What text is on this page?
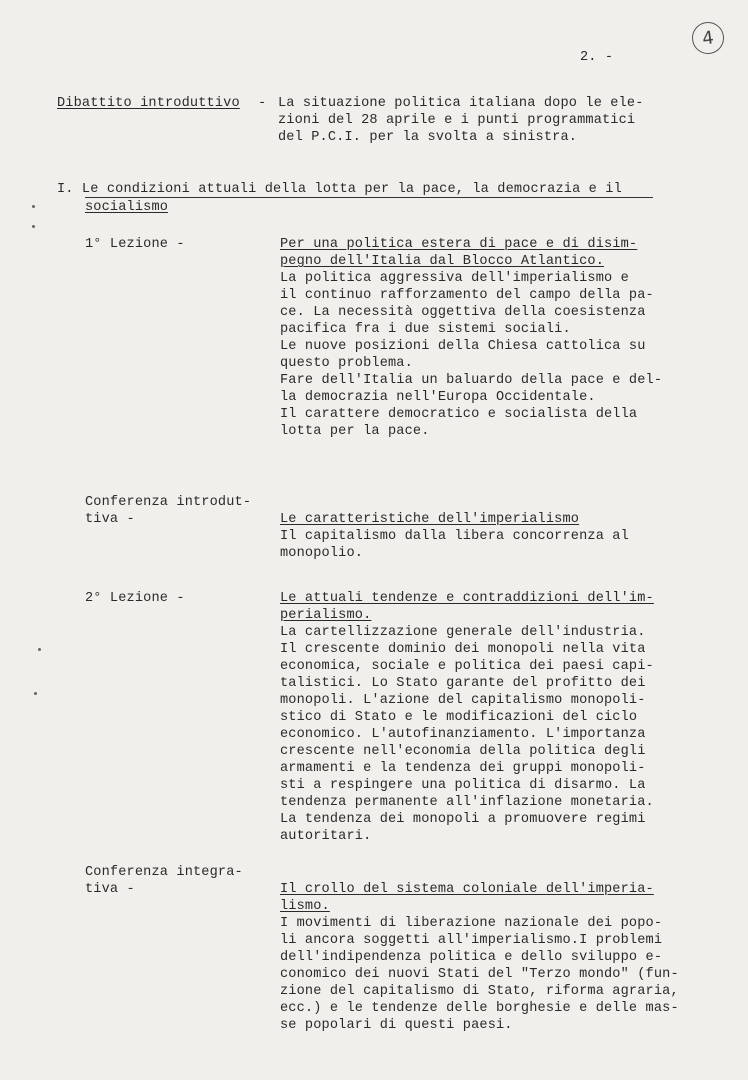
4
2. -
Dibattito introduttivo - La situazione politica italiana dopo le ele-
zioni del 28 aprile e i punti programmatici
del P.C.I. per la svolta a sinistra.
I. Le condizioni attuali della lotta per la pace, la democrazia e il
socialismo
1° Lezione -	Per una politica estera di pace e di disim-
pegno dell'Italia dal Blocco Atlantico.
La politica aggressiva dell'imperialismo e
il continuo rafforzamento del campo della pa-
ce. La necessità oggettiva della coesistenza
pacifica fra i due sistemi sociali.
Le nuove posizioni della Chiesa cattolica su
questo problema.
Fare dell'Italia un baluardo della pace e del-
la democrazia nell'Europa Occidentale.
Il carattere democratico e socialista della
lotta per la pace.
Conferenza introdut-
tiva -	Le caratteristiche dell'imperialismo
Il capitalismo dalla libera concorrenza al
monopolio.
2° Lezione -	Le attuali tendenze e contraddizioni dell'im-
perialismo.
La cartellizzazione generale dell'industria.
Il crescente dominio dei monopoli nella vita
economica, sociale e politica dei paesi capi-
talistici. Lo Stato garante del profitto dei
monopoli. L'azione del capitalismo monopoli-
stico di Stato e le modificazioni del ciclo
economico. L'autofinanziamento. L'importanza
crescente nell'economia della politica degli
armamenti e la tendenza dei gruppi monopoli-
sti a respingere una politica di disarmo. La
tendenza permanente all'inflazione monetaria.
La tendenza dei monopoli a promuovere regimi
autoritari.
Conferenza integra-
tiva -	Il crollo del sistema coloniale dell'imperia-
lismo.
I movimenti di liberazione nazionale dei popo-
li ancora soggetti all'imperialismo.I problemi
dell'indipendenza politica e dello sviluppo e-
conomico dei nuovi Stati del "Terzo mondo" (fun-
zione del capitalismo di Stato, riforma agraria,
ecc.) e le tendenze delle borghesie e delle mas-
se popolari di questi paesi.
